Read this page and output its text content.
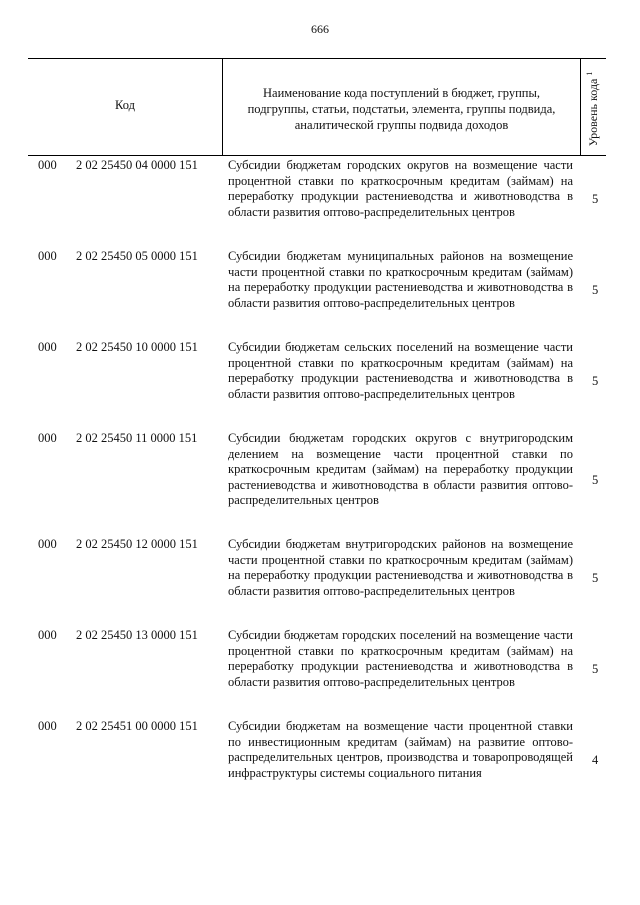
666
Код
Наименование кода поступлений в бюджет, группы, подгруппы, статьи, подстатьи, элемента, группы подвида, аналитической группы подвида доходов	Уровень кода $^1$
000 2 02 25450 04 0000 151 Субсидии бюджетам городских округов на возмещение части процентной ставки по краткосрочным кредитам (займам) на переработку продукции растениеводства и животноводства в области развития оптово-распределительных центров
5
000 2 02 25450 05 0000 151 Субсидии бюджетам муниципальных районов на возмещение части процентной ставки по краткосрочным кредитам (займам) на переработку продукции растениеводства и животноводства в области развития оптово-распределительных центров
5
000 2 02 25450 10 0000 151 Субсидии бюджетам сельских поселений на возмещение части процентной ставки по краткосрочным кредитам (займам) на переработку продукции растениеводства и животноводства в области развития оптово-распределительных центров
5
000 2 02 25450 11 0000 151 Субсидии бюджетам городских округов с внутригородским делением на возмещение части процентной ставки по краткосрочным кредитам (займам) на переработку продукции растениеводства и животноводства в области развития оптово-распределительных центров
5
000 2 02 25450 12 0000 151 Субсидии бюджетам внутригородских районов на возмещение части процентной ставки по краткосрочным кредитам (займам) на переработку продукции растениеводства и животноводства в области развития оптово-распределительных центров
5
000 2 02 25450 13 0000 151 Субсидии бюджетам городских поселений на возмещение части процентной ставки по краткосрочным кредитам (займам) на переработку продукции растениеводства и животноводства в области развития оптово-распределительных центров
5
000 2 02 25451 00 0000 151 Субсидии бюджетам на возмещение части процентной ставки по инвестиционным кредитам (займам) на развитие оптово-распределительных центров, производства и товаропроводящей инфраструктуры системы социального питания
4
